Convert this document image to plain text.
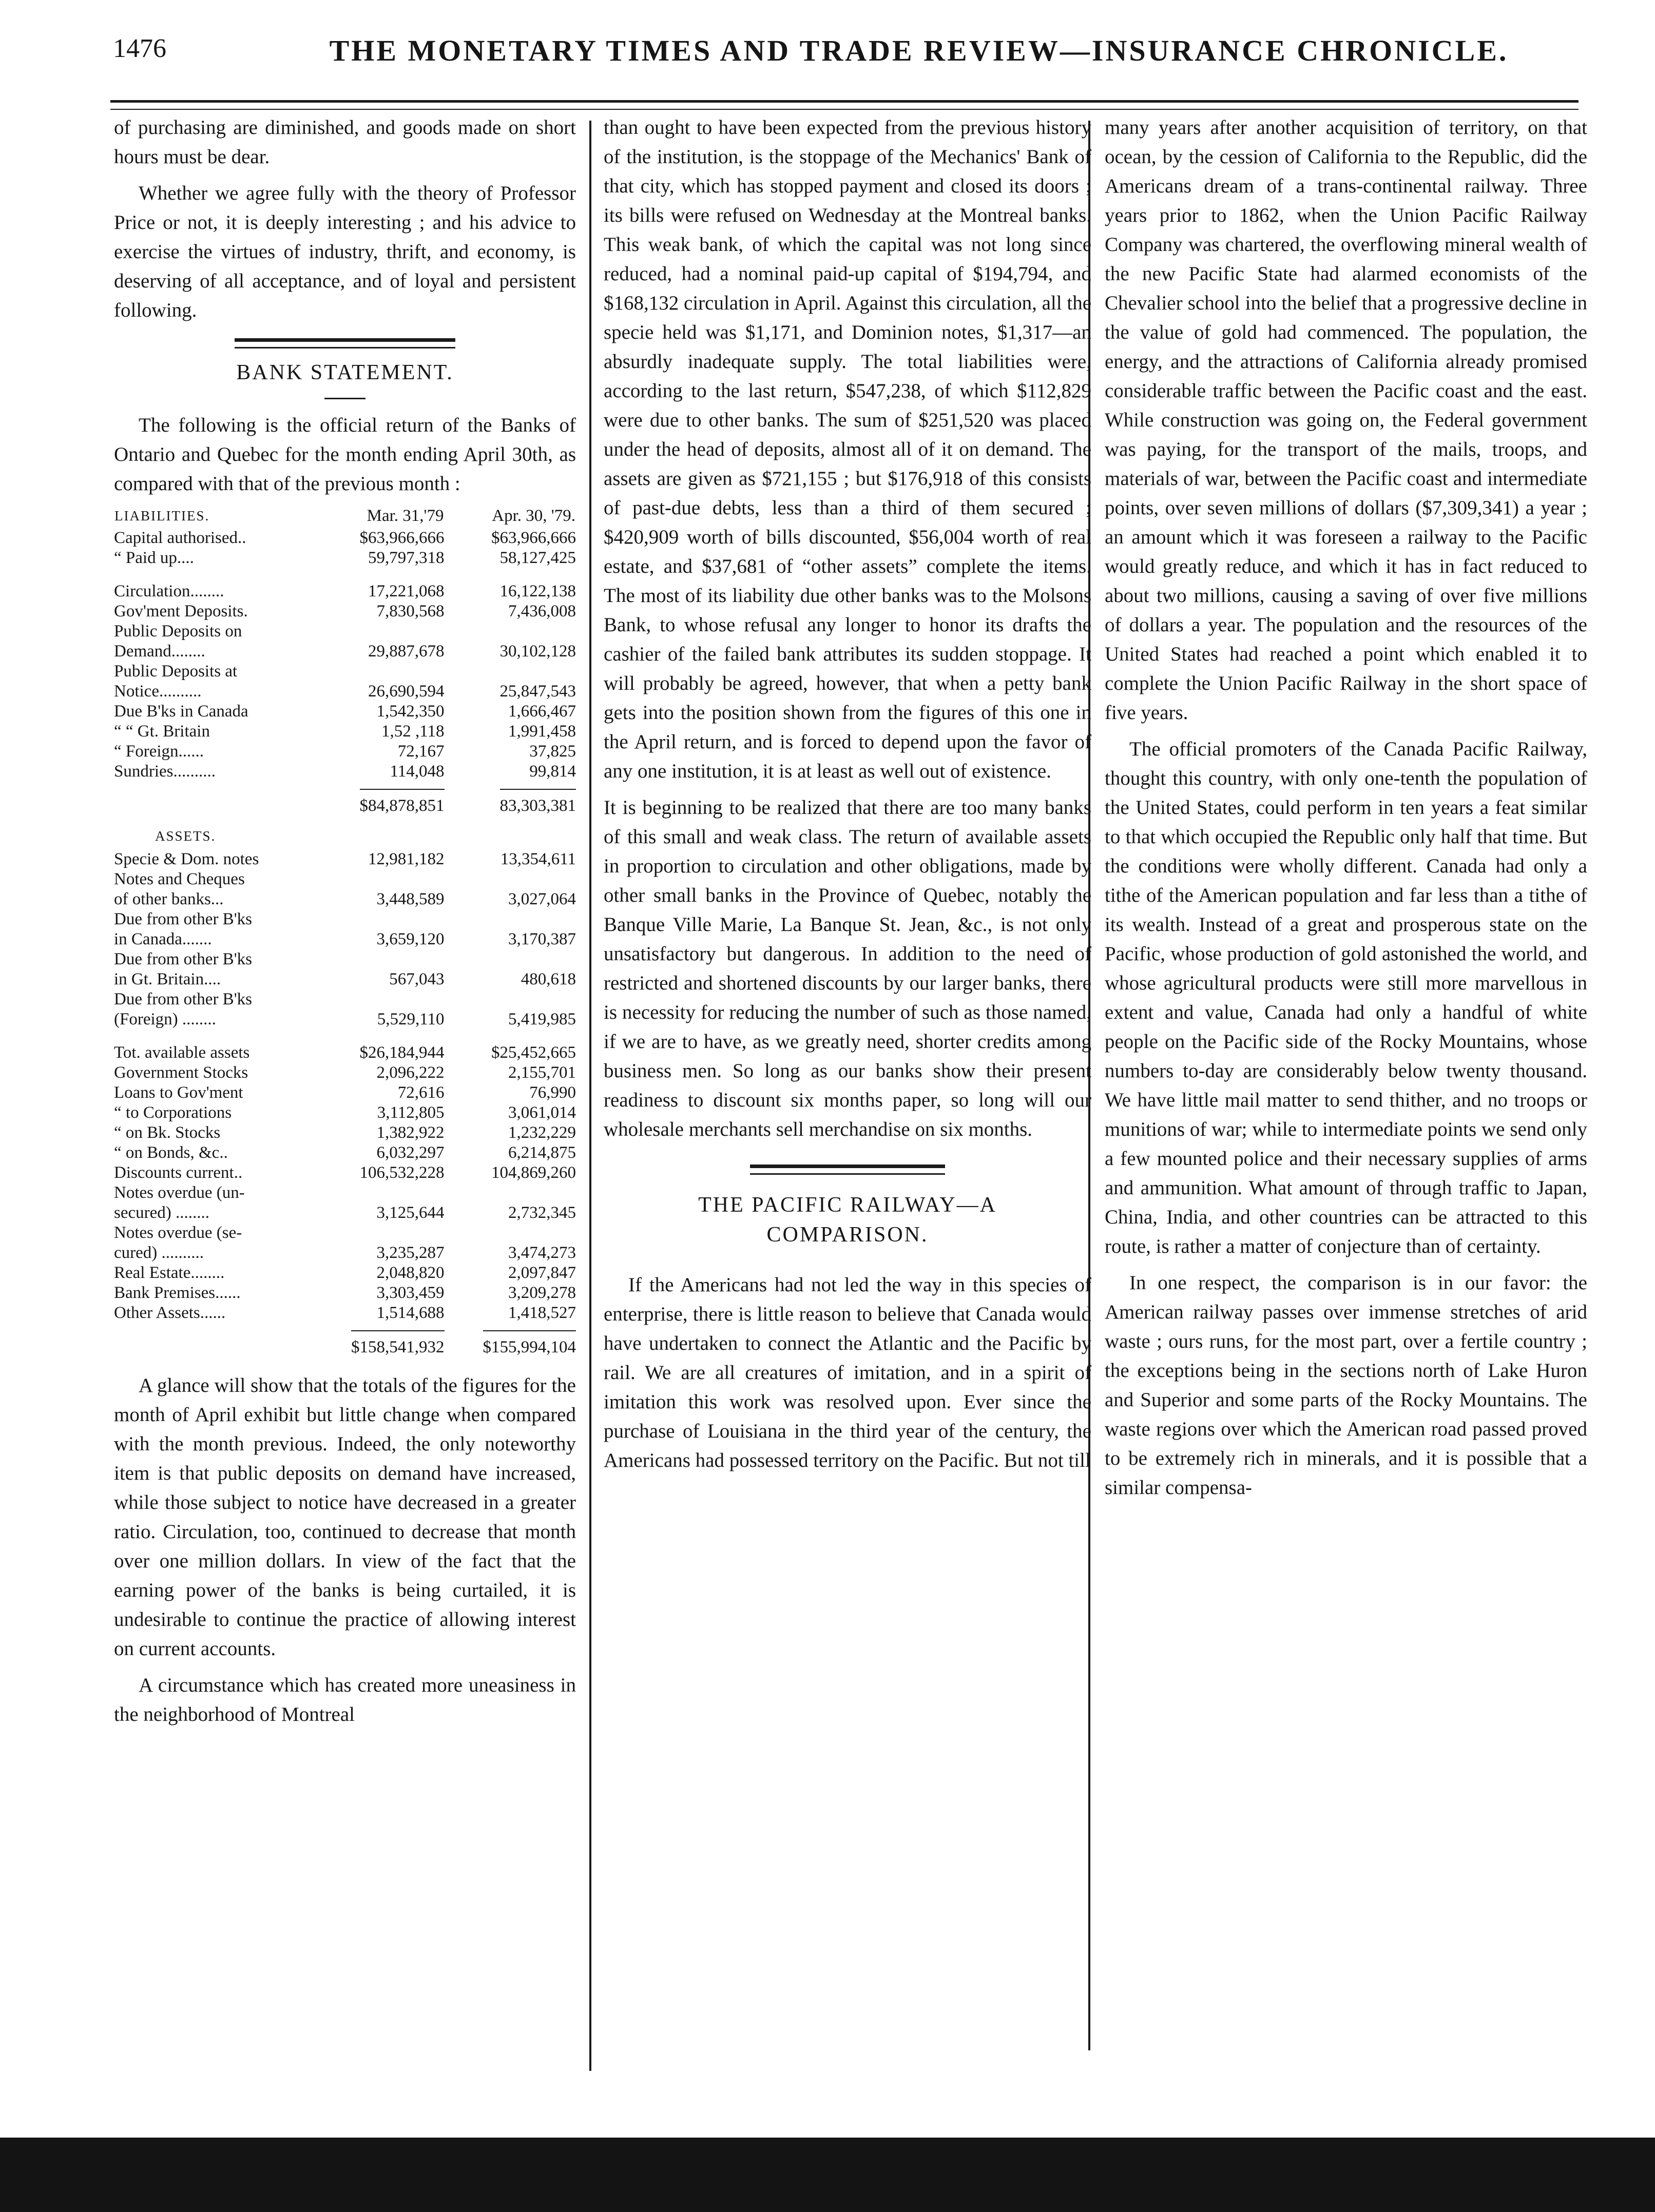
1476	THE MONETARY TIMES AND TRADE REVIEW—INSURANCE CHRONICLE.

of purchasing are diminished, and goods made on short hours must be dear.

Whether we agree fully with the theory of Professor Price or not, it is deeply interesting ; and his advice to exercise the virtues of industry, thrift, and economy, is deserving of all acceptance, and of loyal and persistent following.

BANK STATEMENT.

The following is the official return of the Banks of Ontario and Quebec for the month ending April 30th, as compared with that of the previous month :

LIABILITIES.	Mar. 31,'79	Apr. 30, '79.
Capital authorised..	$63,966,666	$63,966,666
“ Paid up....	59,797,318	58,127,425

Circulation........	17,221,068	16,122,138
Gov'ment Deposits.	7,830,568	7,436,008
Public Deposits on		
Demand........	29,887,678	30,102,128
Public Deposits at		
Notice..........	26,690,594	25,847,543
Due B'ks in Canada	1,542,350	1,666,467
“ “ Gt. Britain	1,52 ,118	1,991,458
“ Foreign......	72,167	37,825
Sundries..........	114,048	99,814
	$84,878,851	83,303,381
ASSETS.		
Specie & Dom. notes	12,981,182	13,354,611
Notes and Cheques		
of other banks...	3,448,589	3,027,064
Due from other B'ks		
in Canada.......	3,659,120	3,170,387
Due from other B'ks		
in Gt. Britain....	567,043	480,618
Due from other B'ks		
(Foreign) ........	5,529,110	5,419,985

Tot. available assets	$26,184,944	$25,452,665
Government Stocks	2,096,222	2,155,701
Loans to Gov'ment	72,616	76,990
“ to Corporations	3,112,805	3,061,014
“ on Bk. Stocks	1,382,922	1,232,229
“ on Bonds, &c..	6,032,297	6,214,875
Discounts current..	106,532,228	104,869,260
Notes overdue (un-		
secured) ........	3,125,644	2,732,345
Notes overdue (se-		
cured) ..........	3,235,287	3,474,273
Real Estate........	2,048,820	2,097,847
Bank Premises......	3,303,459	3,209,278
Other Assets......	1,514,688	1,418,527
	$158,541,932	$155,994,104

A glance will show that the totals of the figures for the month of April exhibit but little change when compared with the month previous. Indeed, the only noteworthy item is that public deposits on demand have increased, while those subject to notice have decreased in a greater ratio. Circulation, too, continued to decrease that month over one million dollars. In view of the fact that the earning power of the banks is being curtailed, it is undesirable to continue the practice of allowing interest on current accounts.

A circumstance which has created more uneasiness in the neighborhood of Montreal

than ought to have been expected from the previous history of the institution, is the stoppage of the Mechanics' Bank of that city, which has stopped payment and closed its doors ; its bills were refused on Wednesday at the Montreal banks. This weak bank, of which the capital was not long since reduced, had a nominal paid-up capital of $194,794, and $168,132 circulation in April. Against this circulation, all the specie held was $1,171, and Dominion notes, $1,317—an absurdly inadequate supply. The total liabilities were, according to the last return, $547,238, of which $112,829 were due to other banks. The sum of $251,520 was placed under the head of deposits, almost all of it on demand. The assets are given as $721,155 ; but $176,918 of this consists of past-due debts, less than a third of them secured ; $420,909 worth of bills discounted, $56,004 worth of real estate, and $37,681 of “other assets” complete the items. The most of its liability due other banks was to the Molsons Bank, to whose refusal any longer to honor its drafts the cashier of the failed bank attributes its sudden stoppage. It will probably be agreed, however, that when a petty bank gets into the position shown from the figures of this one in the April return, and is forced to depend upon the favor of any one institution, it is at least as well out of existence.

It is beginning to be realized that there are too many banks of this small and weak class. The return of available assets in proportion to circulation and other obligations, made by other small banks in the Province of Quebec, notably the Banque Ville Marie, La Banque St. Jean, &c., is not only unsatisfactory but dangerous. In addition to the need of restricted and shortened discounts by our larger banks, there is necessity for reducing the number of such as those named, if we are to have, as we greatly need, shorter credits among business men. So long as our banks show their present readiness to discount six months paper, so long will our wholesale merchants sell merchandise on six months.

THE PACIFIC RAILWAY—A COMPARISON.

If the Americans had not led the way in this species of enterprise, there is little reason to believe that Canada would have undertaken to connect the Atlantic and the Pacific by rail. We are all creatures of imitation, and in a spirit of imitation this work was resolved upon. Ever since the purchase of Louisiana in the third year of the century, the Americans had possessed territory on the Pacific. But not till

many years after another acquisition of territory, on that ocean, by the cession of California to the Republic, did the Americans dream of a trans-continental railway. Three years prior to 1862, when the Union Pacific Railway Company was chartered, the overflowing mineral wealth of the new Pacific State had alarmed economists of the Chevalier school into the belief that a progressive decline in the value of gold had commenced. The population, the energy, and the attractions of California already promised considerable traffic between the Pacific coast and the east. While construction was going on, the Federal government was paying, for the transport of the mails, troops, and materials of war, between the Pacific coast and intermediate points, over seven millions of dollars ($7,309,341) a year ; an amount which it was foreseen a railway to the Pacific would greatly reduce, and which it has in fact reduced to about two millions, causing a saving of over five millions of dollars a year. The population and the resources of the United States had reached a point which enabled it to complete the Union Pacific Railway in the short space of five years.

The official promoters of the Canada Pacific Railway, thought this country, with only one-tenth the population of the United States, could perform in ten years a feat similar to that which occupied the Republic only half that time. But the conditions were wholly different. Canada had only a tithe of the American population and far less than a tithe of its wealth. Instead of a great and prosperous state on the Pacific, whose production of gold astonished the world, and whose agricultural products were still more marvellous in extent and value, Canada had only a handful of white people on the Pacific side of the Rocky Mountains, whose numbers to-day are considerably below twenty thousand. We have little mail matter to send thither, and no troops or munitions of war; while to intermediate points we send only a few mounted police and their necessary supplies of arms and ammunition. What amount of through traffic to Japan, China, India, and other countries can be attracted to this route, is rather a matter of conjecture than of certainty.

In one respect, the comparison is in our favor: the American railway passes over immense stretches of arid waste ; ours runs, for the most part, over a fertile country ; the exceptions being in the sections north of Lake Huron and Superior and some parts of the Rocky Mountains. The waste regions over which the American road passed proved to be extremely rich in minerals, and it is possible that a similar compensa-
